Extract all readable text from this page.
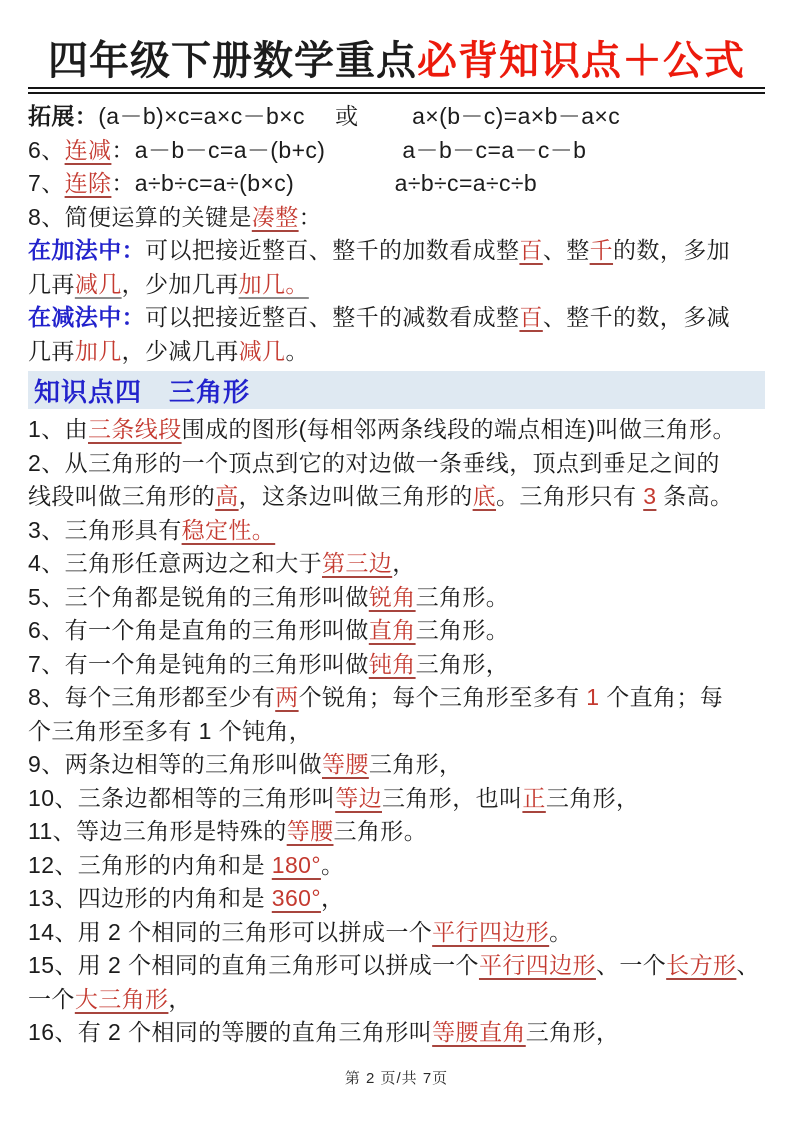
四年级下册数学重点必背知识点＋公式
拓展：(a－b)×c=a×c－b×c　 或 　　a×(b－c)=a×b－a×c
6、连减：a－b－c=a－(b+c)　　　	a－b－c=a－c－b
7、连除：a÷b÷c=a÷(b×c)　　　　	a÷b÷c=a÷c÷b
8、简便运算的关键是凑整：
在加法中：可以把接近整百、整千的加数看成整百、整千的数，多加
几再减几，少加几再加几。
在减法中：可以把接近整百、整千的减数看成整百、整千的数，多减
几再加几，少减几再减几。
知识点四　三角形
1、由三条线段围成的图形(每相邻两条线段的端点相连)叫做三角形。
2、从三角形的一个顶点到它的对边做一条垂线，顶点到垂足之间的
线段叫做三角形的高，这条边叫做三角形的底。三角形只有 3 条高。
3、三角形具有稳定性。
4、三角形任意两边之和大于第三边，
5、三个角都是锐角的三角形叫做锐角三角形。
6、有一个角是直角的三角形叫做直角三角形。
7、有一个角是钝角的三角形叫做钝角三角形，
8、每个三角形都至少有两个锐角；每个三角形至多有 1 个直角；每
个三角形至多有 1 个钝角，
9、两条边相等的三角形叫做等腰三角形，
10、三条边都相等的三角形叫等边三角形，也叫正三角形，
11、等边三角形是特殊的等腰三角形。
12、三角形的内角和是 180°。
13、四边形的内角和是 360°，
14、用 2 个相同的三角形可以拼成一个平行四边形。
15、用 2 个相同的直角三角形可以拼成一个平行四边形、一个长方形、
一个大三角形，
16、有 2 个相同的等腰的直角三角形叫等腰直角三角形，
第 2 页/共 7页
